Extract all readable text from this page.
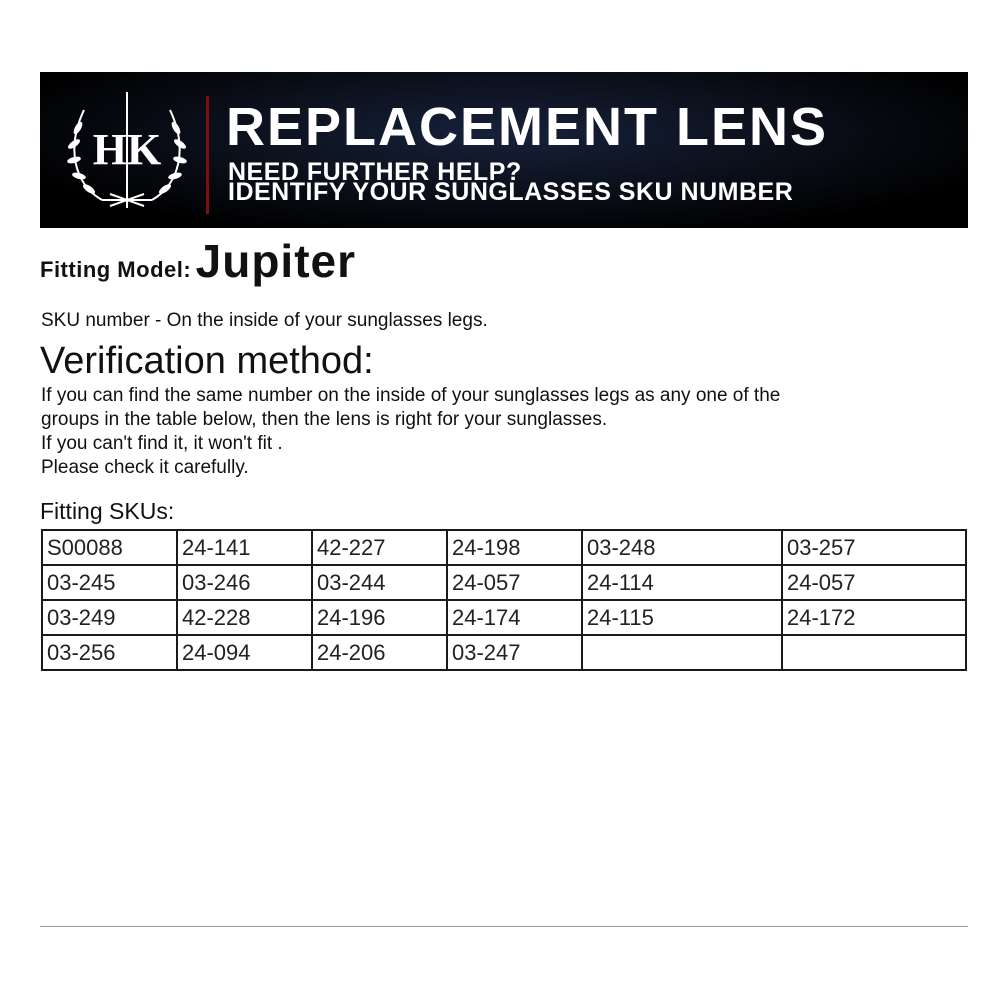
HK REPLACEMENT LENS
NEED FURTHER HELP?
IDENTIFY YOUR SUNGLASSES SKU NUMBER
Fitting Model: Jupiter
SKU number - On the inside of your sunglasses legs.
Verification method:
If you can find the same number on the inside of your sunglasses legs as any one of the
groups in the table below, then the lens is right for your sunglasses.
If you can't find it, it won't fit .
Please check it carefully.
Fitting SKUs:
S00088	24-141	42-227	24-198	03-248	03-257
03-245	03-246	03-244	24-057	24-114	24-057
03-249	42-228	24-196	24-174	24-115	24-172
03-256	24-094	24-206	03-247		
